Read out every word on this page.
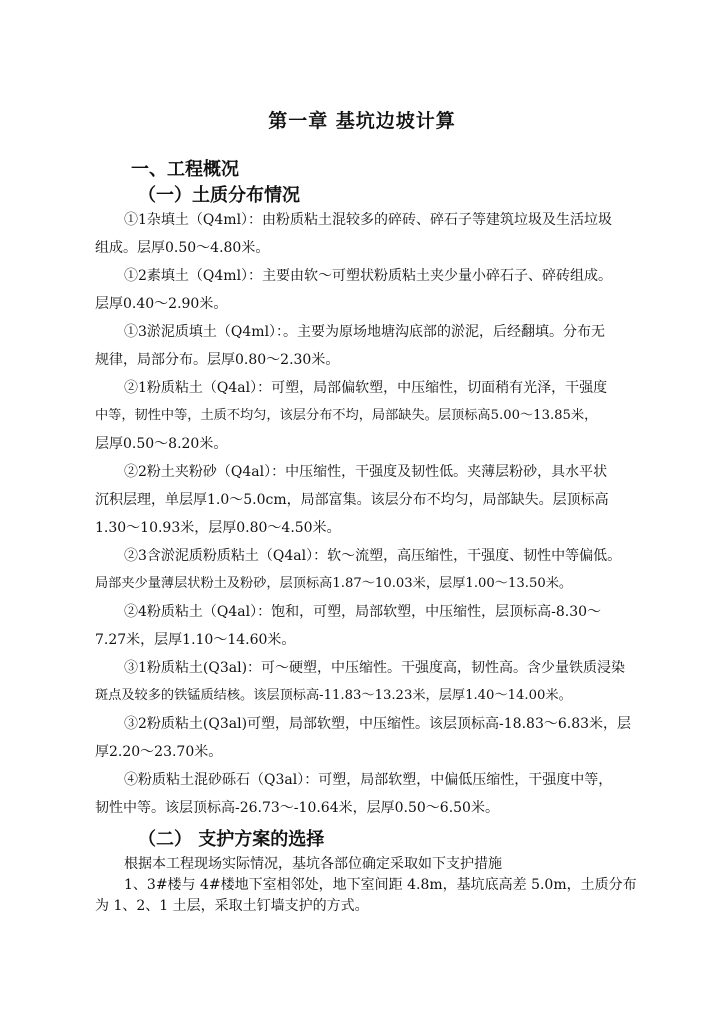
第一章 基坑边坡计算
一、工程概况
（一）土质分布情况
①1杂填土（Q4ml）：由粉质粘土混较多的碎砖、碎石子等建筑垃圾及生活垃圾
组成。层厚0.50～4.80米。
①2素填土（Q4ml）：主要由软～可塑状粉质粘土夹少量小碎石子、碎砖组成。
层厚0.40～2.90米。
①3淤泥质填土（Q4ml）：。主要为原场地塘沟底部的淤泥，后经翻填。分布无
规律，局部分布。层厚0.80～2.30米。
②1粉质粘土（Q4al）：可塑，局部偏软塑，中压缩性，切面稍有光泽，干强度
中等，韧性中等，土质不均匀，该层分布不均，局部缺失。层顶标高5.00～13.85米，
层厚0.50～8.20米。
②2粉土夹粉砂（Q4al）：中压缩性，干强度及韧性低。夹薄层粉砂，具水平状
沉积层理，单层厚1.0～5.0cm，局部富集。该层分布不均匀，局部缺失。层顶标高
1.30～10.93米，层厚0.80～4.50米。
②3含淤泥质粉质粘土（Q4al）：软～流塑，高压缩性，干强度、韧性中等偏低。
局部夹少量薄层状粉土及粉砂，层顶标高1.87～10.03米，层厚1.00～13.50米。
②4粉质粘土（Q4al）：饱和，可塑，局部软塑，中压缩性，层顶标高-8.30～
7.27米，层厚1.10～14.60米。
③1粉质粘土(Q3al)：可～硬塑，中压缩性。干强度高，韧性高。含少量铁质浸染
斑点及较多的铁锰质结核。该层顶标高-11.83～13.23米，层厚1.40～14.00米。
③2粉质粘土(Q3al)可塑，局部软塑，中压缩性。该层顶标高-18.83～6.83米，层
厚2.20～23.70米。
④粉质粘土混砂砾石（Q3al）：可塑，局部软塑，中偏低压缩性，干强度中等，
韧性中等。该层顶标高-26.73～-10.64米，层厚0.50～6.50米。
（二） 支护方案的选择
根据本工程现场实际情况，基坑各部位确定采取如下支护措施
1、3#楼与 4#楼地下室相邻处，地下室间距 4.8m，基坑底高差 5.0m，土质分布
为 1、2、1 土层，采取土钉墙支护的方式。
